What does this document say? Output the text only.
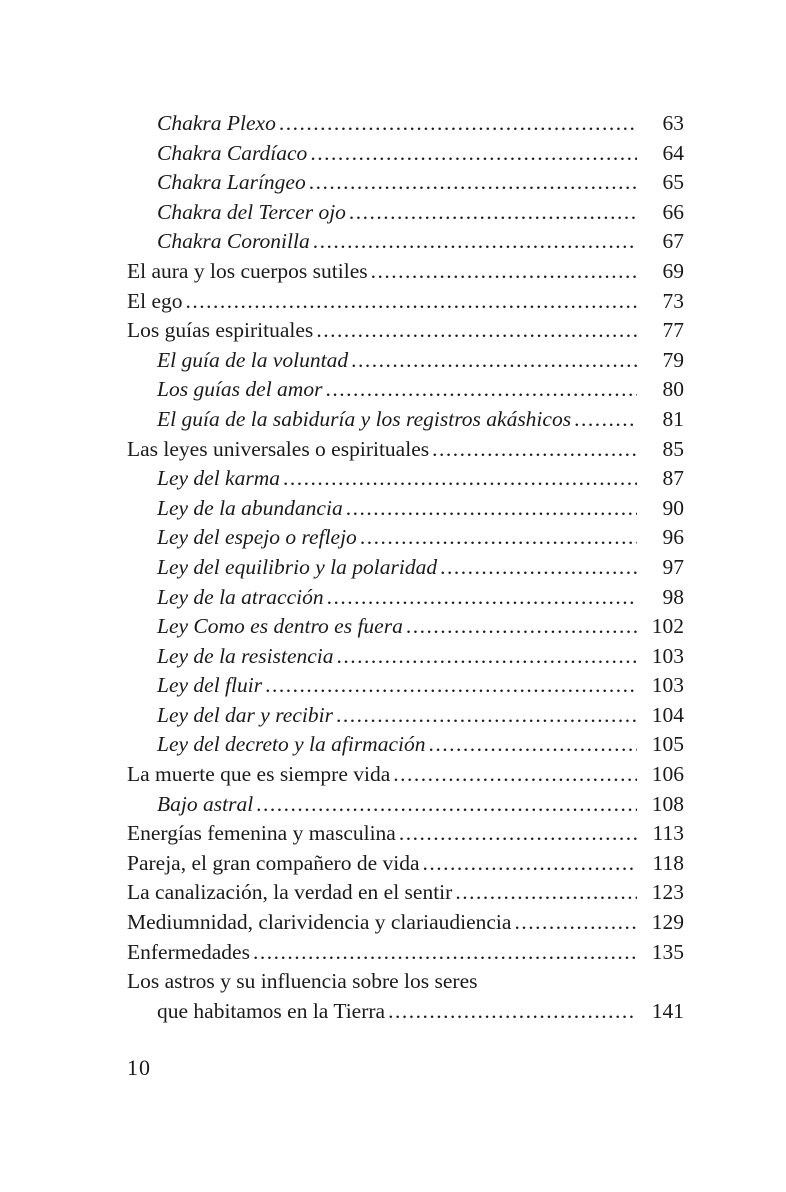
Chakra Plexo .....	63
Chakra Cardíaco .....	64
Chakra Laríngeo .....	65
Chakra del Tercer ojo .....	66
Chakra Coronilla .....	67
El aura y los cuerpos sutiles .....	69
El ego .....	73
Los guías espirituales .....	77
El guía de la voluntad .....	79
Los guías del amor .....	80
El guía de la sabiduría y los registros akáshicos .....	81
Las leyes universales o espirituales .....	85
Ley del karma .....	87
Ley de la abundancia .....	90
Ley del espejo o reflejo .....	96
Ley del equilibrio y la polaridad .....	97
Ley de la atracción .....	98
Ley Como es dentro es fuera .....	102
Ley de la resistencia .....	103
Ley del fluir .....	103
Ley del dar y recibir .....	104
Ley del decreto y la afirmación .....	105
La muerte que es siempre vida .....	106
Bajo astral .....	108
Energías femenina y masculina .....	113
Pareja, el gran compañero de vida .....	118
La canalización, la verdad en el sentir .....	123
Mediumnidad, clarividencia y clariaudiencia .....	129
Enfermedades .....	135
Los astros y su influencia sobre los seres
que habitamos en la Tierra .....	141
10
